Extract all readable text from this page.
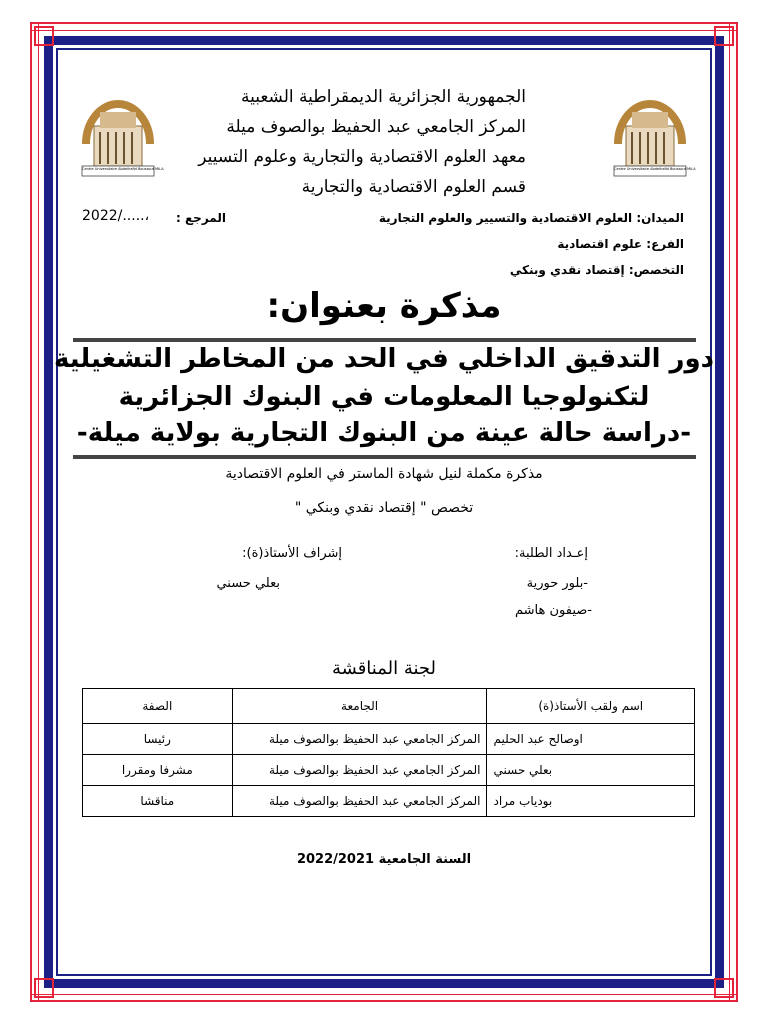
Centre Universitaire Abdelhafid Boussouf MILA	Centre Universitaire Abdelhafid Boussouf MILA
الجمهورية الجزائرية الديمقراطية الشعبية
المركز الجامعي عبد الحفيظ بوالصوف ميلة
معهد العلوم الاقتصادية والتجارية وعلوم التسيير
قسم العلوم الاقتصادية والتجارية
المرجع :
2022/.....،	الميدان: العلوم الاقتصادية والتسيير والعلوم التجارية
الفرع: علوم اقتصادية
التخصص: إقتصاد نقدي وبنكي
مذكرة بعنوان:
دور التدقيق الداخلي في الحد من المخاطر التشغيلية
لتكنولوجيا المعلومات في البنوك الجزائرية
-دراسة حالة عينة من البنوك التجارية بولاية ميلة-
مذكرة مكملة لنيل شهادة الماستر في العلوم الاقتصادية
تخصص " إقتصاد نقدي وبنكي "
إعـداد الطلبة:
-بلور حورية
-صيفون هاشم
إشراف الأستاذ(ة):
بعلي حسني
لجنة المناقشة
اسم ولقب الأستاذ(ة)	الجامعة	الصفة
اوصالح عبد الحليم	المركز الجامعي عبد الحفيظ بوالصوف ميلة	رئيسا
بعلي حسني	المركز الجامعي عبد الحفيظ بوالصوف ميلة	مشرفا ومقررا
بودياب مراد	المركز الجامعي عبد الحفيظ بوالصوف ميلة	مناقشا
السنة الجامعية 2022/2021
